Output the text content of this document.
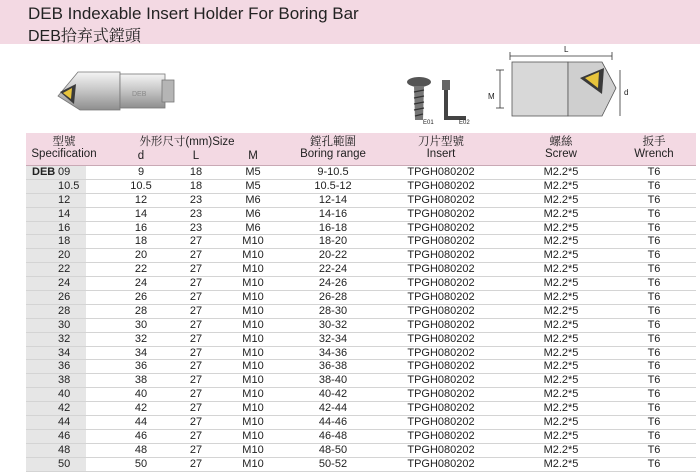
DEB Indexable Insert Holder For Boring Bar
DEB拾弃式鏜頭
DEB
E01	E02
L
M	d
型號
Specification
外形尺寸(mm)Size
d	L	M
鏜孔範圍
Boring range
刀片型號
Insert
螺絲
Screw
扳手
Wrench
DEB 09	9	18	M5	9-10.5	TPGH080202	M2.2*5	T6
10.5	10.5	18	M5	10.5-12	TPGH080202	M2.2*5	T6
12	12	23	M6	12-14	TPGH080202	M2.2*5	T6
14	14	23	M6	14-16	TPGH080202	M2.2*5	T6
16	16	23	M6	16-18	TPGH080202	M2.2*5	T6
18	18	27	M10	18-20	TPGH080202	M2.2*5	T6
20	20	27	M10	20-22	TPGH080202	M2.2*5	T6
22	22	27	M10	22-24	TPGH080202	M2.2*5	T6
24	24	27	M10	24-26	TPGH080202	M2.2*5	T6
26	26	27	M10	26-28	TPGH080202	M2.2*5	T6
28	28	27	M10	28-30	TPGH080202	M2.2*5	T6
30	30	27	M10	30-32	TPGH080202	M2.2*5	T6
32	32	27	M10	32-34	TPGH080202	M2.2*5	T6
34	34	27	M10	34-36	TPGH080202	M2.2*5	T6
36	36	27	M10	36-38	TPGH080202	M2.2*5	T6
38	38	27	M10	38-40	TPGH080202	M2.2*5	T6
40	40	27	M10	40-42	TPGH080202	M2.2*5	T6
42	42	27	M10	42-44	TPGH080202	M2.2*5	T6
44	44	27	M10	44-46	TPGH080202	M2.2*5	T6
46	46	27	M10	46-48	TPGH080202	M2.2*5	T6
48	48	27	M10	48-50	TPGH080202	M2.2*5	T6
50	50	27	M10	50-52	TPGH080202	M2.2*5	T6
